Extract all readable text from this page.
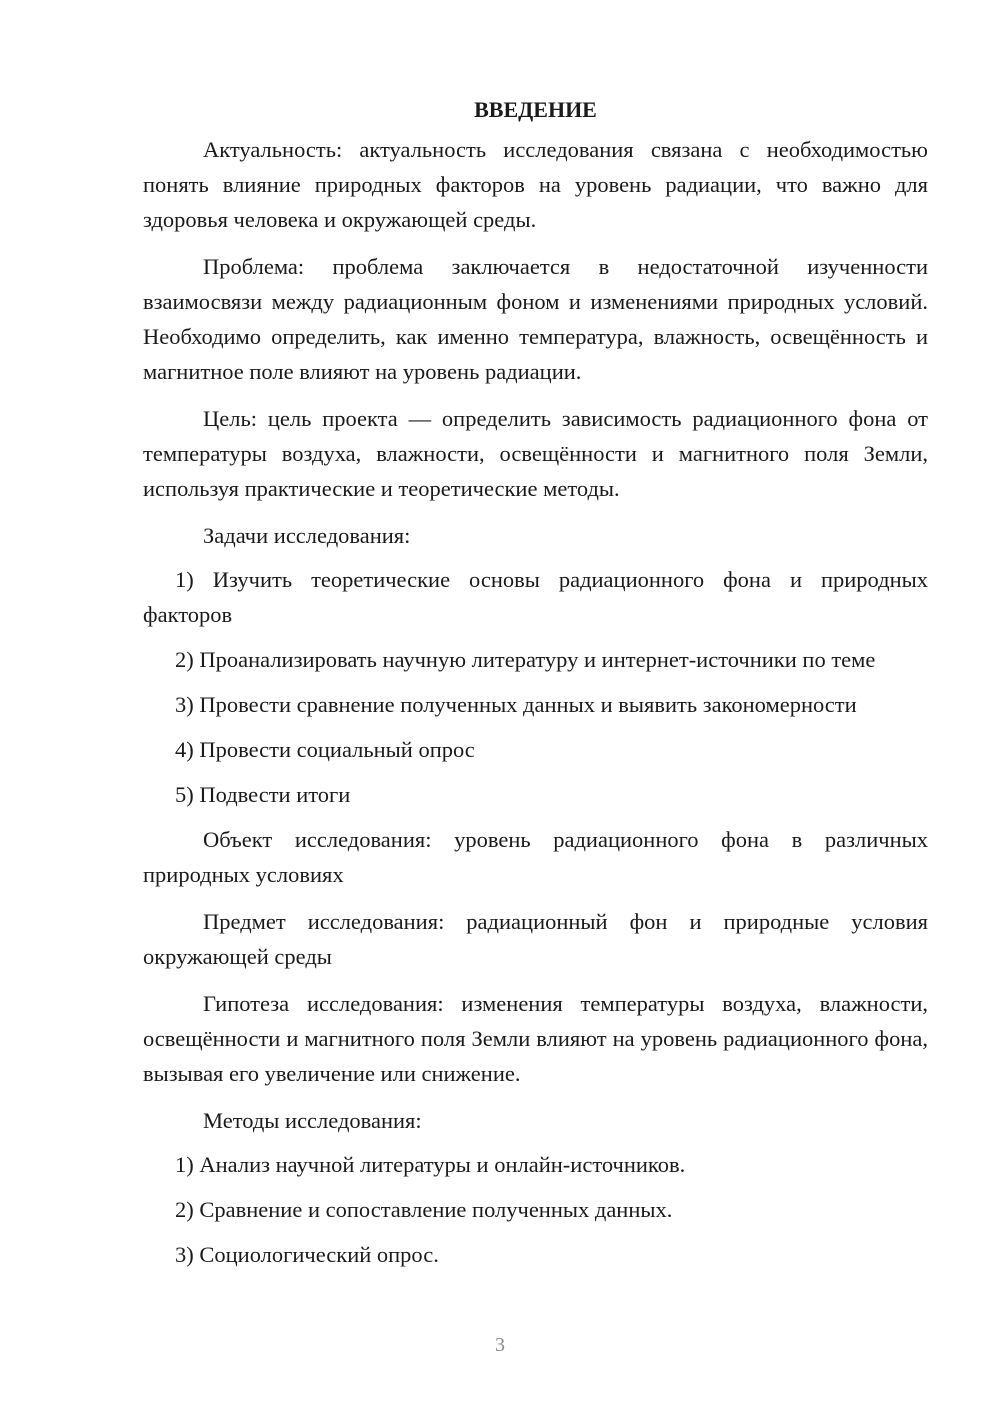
ВВЕДЕНИЕ

Актуальность: актуальность исследования связана с необходимостью понять влияние природных факторов на уровень радиации, что важно для здоровья человека и окружающей среды.

Проблема: проблема заключается в недостаточной изученности взаимосвязи между радиационным фоном и изменениями природных условий. Необходимо определить, как именно температура, влажность, освещённость и магнитное поле влияют на уровень радиации.

Цель: цель проекта — определить зависимость радиационного фона от температуры воздуха, влажности, освещённости и магнитного поля Земли, используя практические и теоретические методы.

Задачи исследования:

1) Изучить теоретические основы радиационного фона и природных факторов

2) Проанализировать научную литературу и интернет-источники по теме

3) Провести сравнение полученных данных и выявить закономерности

4) Провести социальный опрос

5) Подвести итоги

Объект исследования: уровень радиационного фона в различных природных условиях

Предмет исследования: радиационный фон и природные условия окружающей среды

Гипотеза исследования: изменения температуры воздуха, влажности, освещённости и магнитного поля Земли влияют на уровень радиационного фона, вызывая его увеличение или снижение.

Методы исследования:

1) Анализ научной литературы и онлайн-источников.

2) Сравнение и сопоставление полученных данных.

3) Социологический опрос.

3
